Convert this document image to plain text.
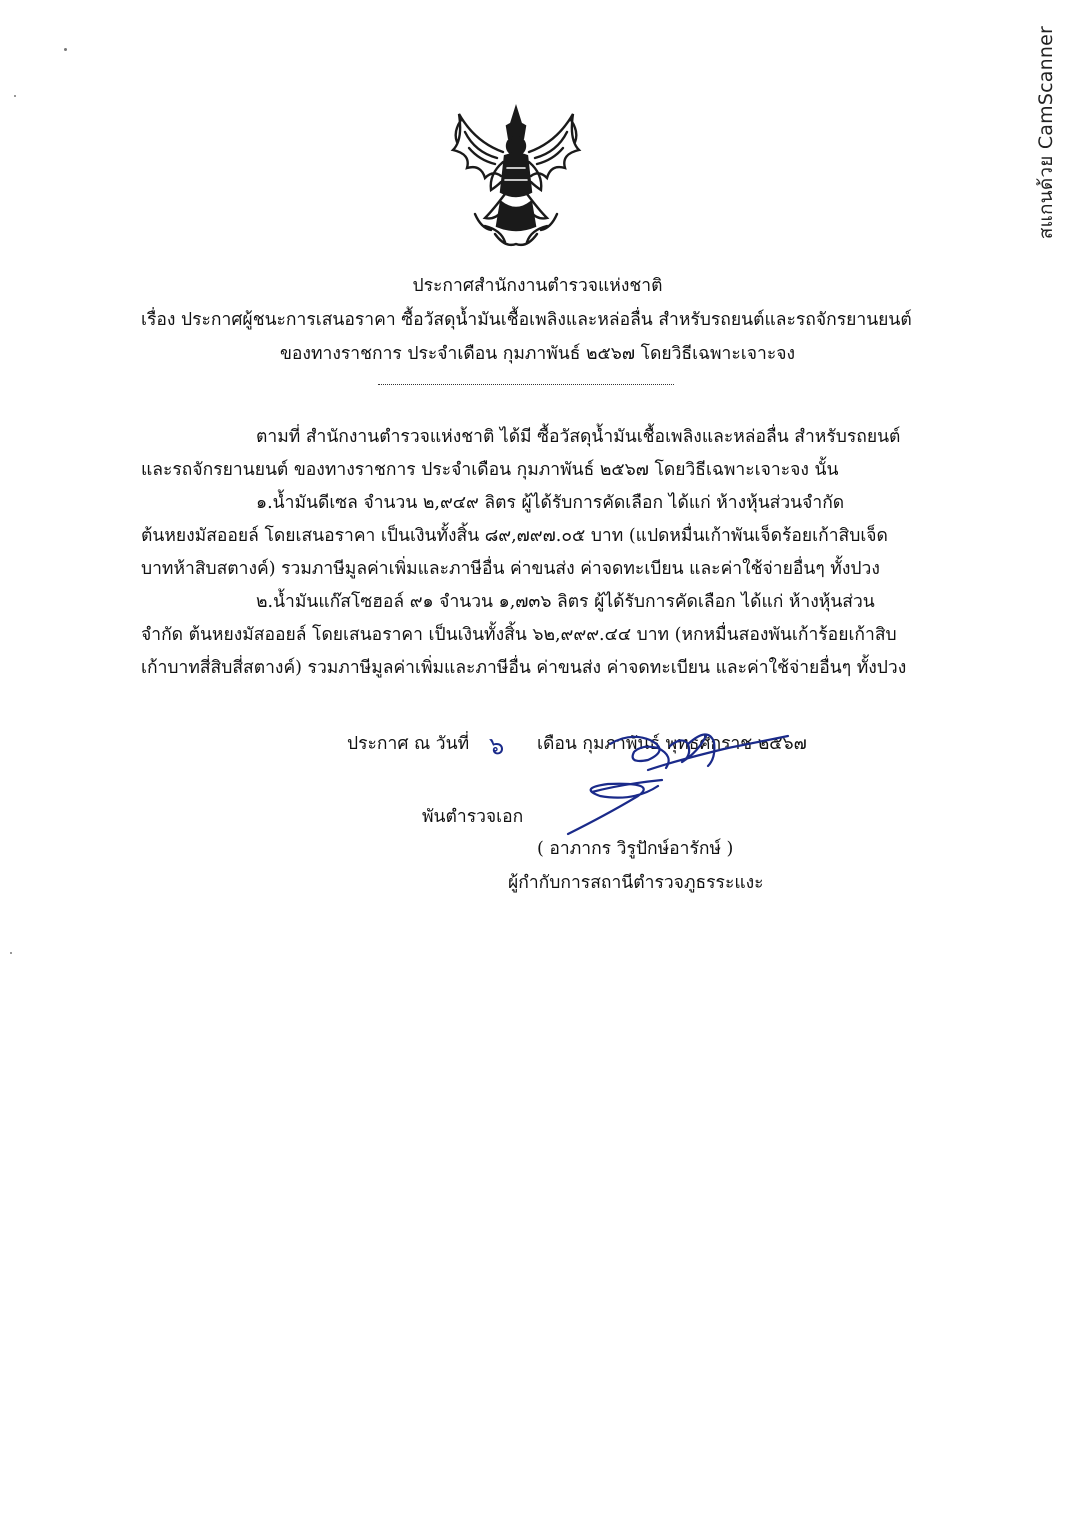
สแกนด้วย CamScanner
ประกาศสำนักงานตำรวจแห่งชาติ
เรื่อง ประกาศผู้ชนะการเสนอราคา ซื้อวัสดุน้ำมันเชื้อเพลิงและหล่อลื่น สำหรับรถยนต์และรถจักรยานยนต์
ของทางราชการ ประจำเดือน กุมภาพันธ์ ๒๕๖๗ โดยวิธีเฉพาะเจาะจง
ตามที่ สำนักงานตำรวจแห่งชาติ ได้มี ซื้อวัสดุน้ำมันเชื้อเพลิงและหล่อลื่น สำหรับรถยนต์
และรถจักรยานยนต์ ของทางราชการ ประจำเดือน กุมภาพันธ์ ๒๕๖๗ โดยวิธีเฉพาะเจาะจง นั้น
๑.น้ำมันดีเซล จำนวน ๒,๙๔๙ ลิตร ผู้ได้รับการคัดเลือก ได้แก่ ห้างหุ้นส่วนจำกัด
ต้นหยงมัสออยล์ โดยเสนอราคา เป็นเงินทั้งสิ้น ๘๙,๗๙๗.๐๕ บาท (แปดหมื่นเก้าพันเจ็ดร้อยเก้าสิบเจ็ด
บาทห้าสิบสตางค์) รวมภาษีมูลค่าเพิ่มและภาษีอื่น ค่าขนส่ง ค่าจดทะเบียน และค่าใช้จ่ายอื่นๆ ทั้งปวง
๒.น้ำมันแก๊สโซฮอล์ ๙๑ จำนวน ๑,๗๓๖ ลิตร ผู้ได้รับการคัดเลือก ได้แก่ ห้างหุ้นส่วน
จำกัด ต้นหยงมัสออยล์ โดยเสนอราคา เป็นเงินทั้งสิ้น ๖๒,๙๙๙.๔๔ บาท (หกหมื่นสองพันเก้าร้อยเก้าสิบ
เก้าบาทสี่สิบสี่สตางค์) รวมภาษีมูลค่าเพิ่มและภาษีอื่น ค่าขนส่ง ค่าจดทะเบียน และค่าใช้จ่ายอื่นๆ ทั้งปวง
ประกาศ ณ วันที่ ๖ เดือน กุมภาพันธ์ พุทธศักราช ๒๕๖๗
พันตำรวจเอก
( อาภากร วิรูปักษ์อารักษ์ )
ผู้กำกับการสถานีตำรวจภูธรระแงะ
